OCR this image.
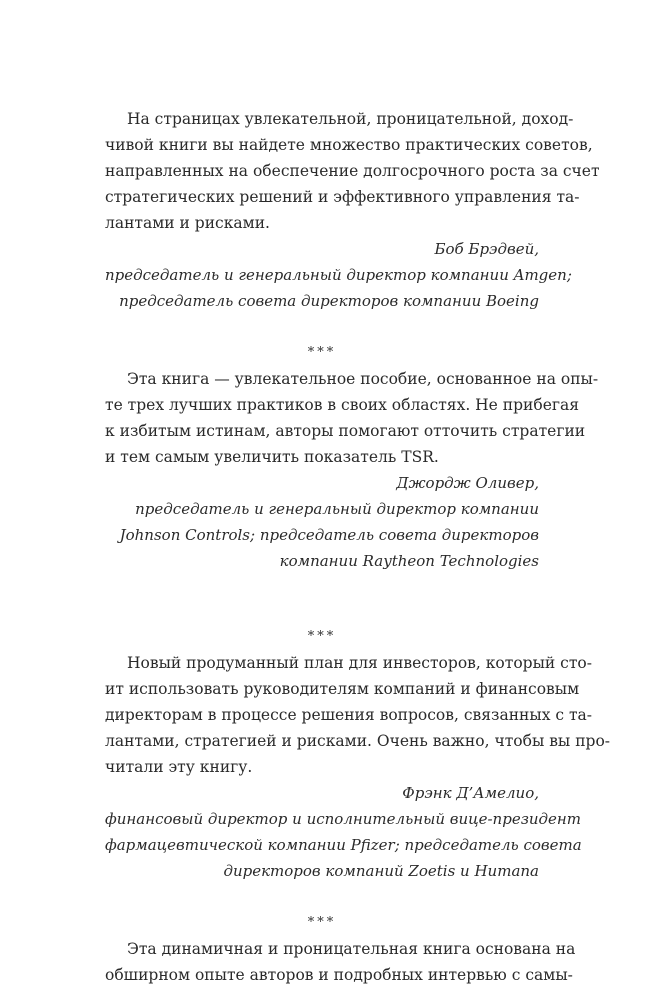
На страницах увлекательной, проницательной, доход-
чивой книги вы найдете множество практических советов,
направленных на обеспечение долгосрочного роста за счет
стратегических решений и эффективного управления та-
лантами и рисками.

Боб Брэдвей,
председатель и генеральный директор компании Amgen;
председатель совета директоров компании Boeing

***

Эта книга — увлекательное пособие, основанное на опы-
те трех лучших практиков в своих областях. Не прибегая
к избитым истинам, авторы помогают отточить стратегии
и тем самым увеличить показатель TSR.

Джордж Оливер,
председатель и генеральный директор компании
Johnson Controls; председатель совета директоров
компании Raytheon Technologies

***

Новый продуманный план для инвесторов, который сто-
ит использовать руководителям компаний и финансовым
директорам в процессе решения вопросов, связанных с та-
лантами, стратегией и рисками. Очень важно, чтобы вы про-
читали эту книгу.

Фрэнк Д’Амелио,
финансовый директор и исполнительный вице-президент
фармацевтической компании Pfizer; председатель совета
директоров компаний Zoetis и Humana

***

Эта динамичная и проницательная книга основана на
обширном опыте авторов и подробных интервью с самы-
